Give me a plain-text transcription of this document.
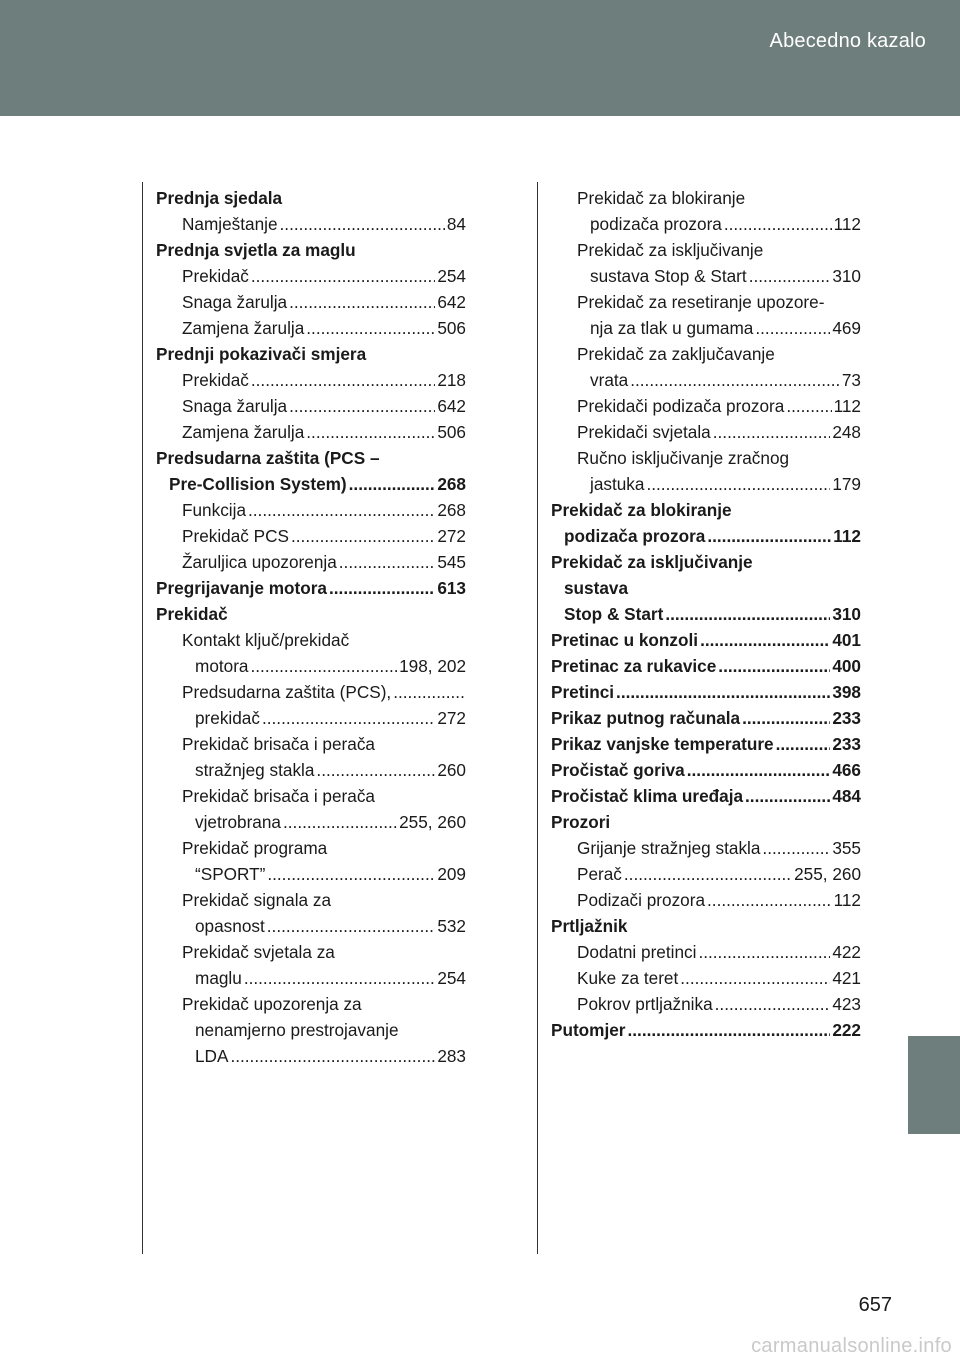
Abecedno kazalo
Prednja sjedala
Namještanje .....	84
Prednja svjetla za maglu
Prekidač .....	254
Snaga žarulja .....	642
Zamjena žarulja .....	506
Prednji pokazivači smjera
Prekidač .....	218
Snaga žarulja .....	642
Zamjena žarulja .....	506
Predsudarna zaštita (PCS –
Pre-Collision System) .....	268
Funkcija .....	268
Prekidač PCS .....	272
Žaruljica upozorenja .....	545
Pregrijavanje motora .....	613
Prekidač
Kontakt ključ/prekidač
motora .....	198, 202
Predsudarna zaštita (PCS),
.....
prekidač .....	272
Prekidač brisača i perača
stražnjeg stakla .....	260
Prekidač brisača i perača
vjetrobrana .....	255, 260
Prekidač programa
“SPORT” .....	209
Prekidač signala za
opasnost .....	532
Prekidač svjetala za
maglu .....	254
Prekidač upozorenja za
nenamjerno prestrojavanje
LDA .....	283
Prekidač za blokiranje
podizača prozora .....	112
Prekidač za isključivanje
sustava Stop & Start .....	310
Prekidač za resetiranje upozore-
nja za tlak u gumama .....	469
Prekidač za zaključavanje
vrata .....	73
Prekidači podizača prozora .....	112
Prekidači svjetala .....	248
Ručno isključivanje zračnog
jastuka .....	179
Prekidač za blokiranje
podizača prozora .....	112
Prekidač za isključivanje
sustava
Stop & Start .....	310
Pretinac u konzoli .....	401
Pretinac za rukavice .....	400
Pretinci .....	398
Prikaz putnog računala .....	233
Prikaz vanjske temperature .....	233
Pročistač goriva .....	466
Pročistač klima uređaja .....	484
Prozori
Grijanje stražnjeg stakla .....	355
Perač .....	255, 260
Podizači prozora .....	112
Prtljažnik
Dodatni pretinci .....	422
Kuke za teret .....	421
Pokrov prtljažnika .....	423
Putomjer .....	222
657
carmanualsonline.info
